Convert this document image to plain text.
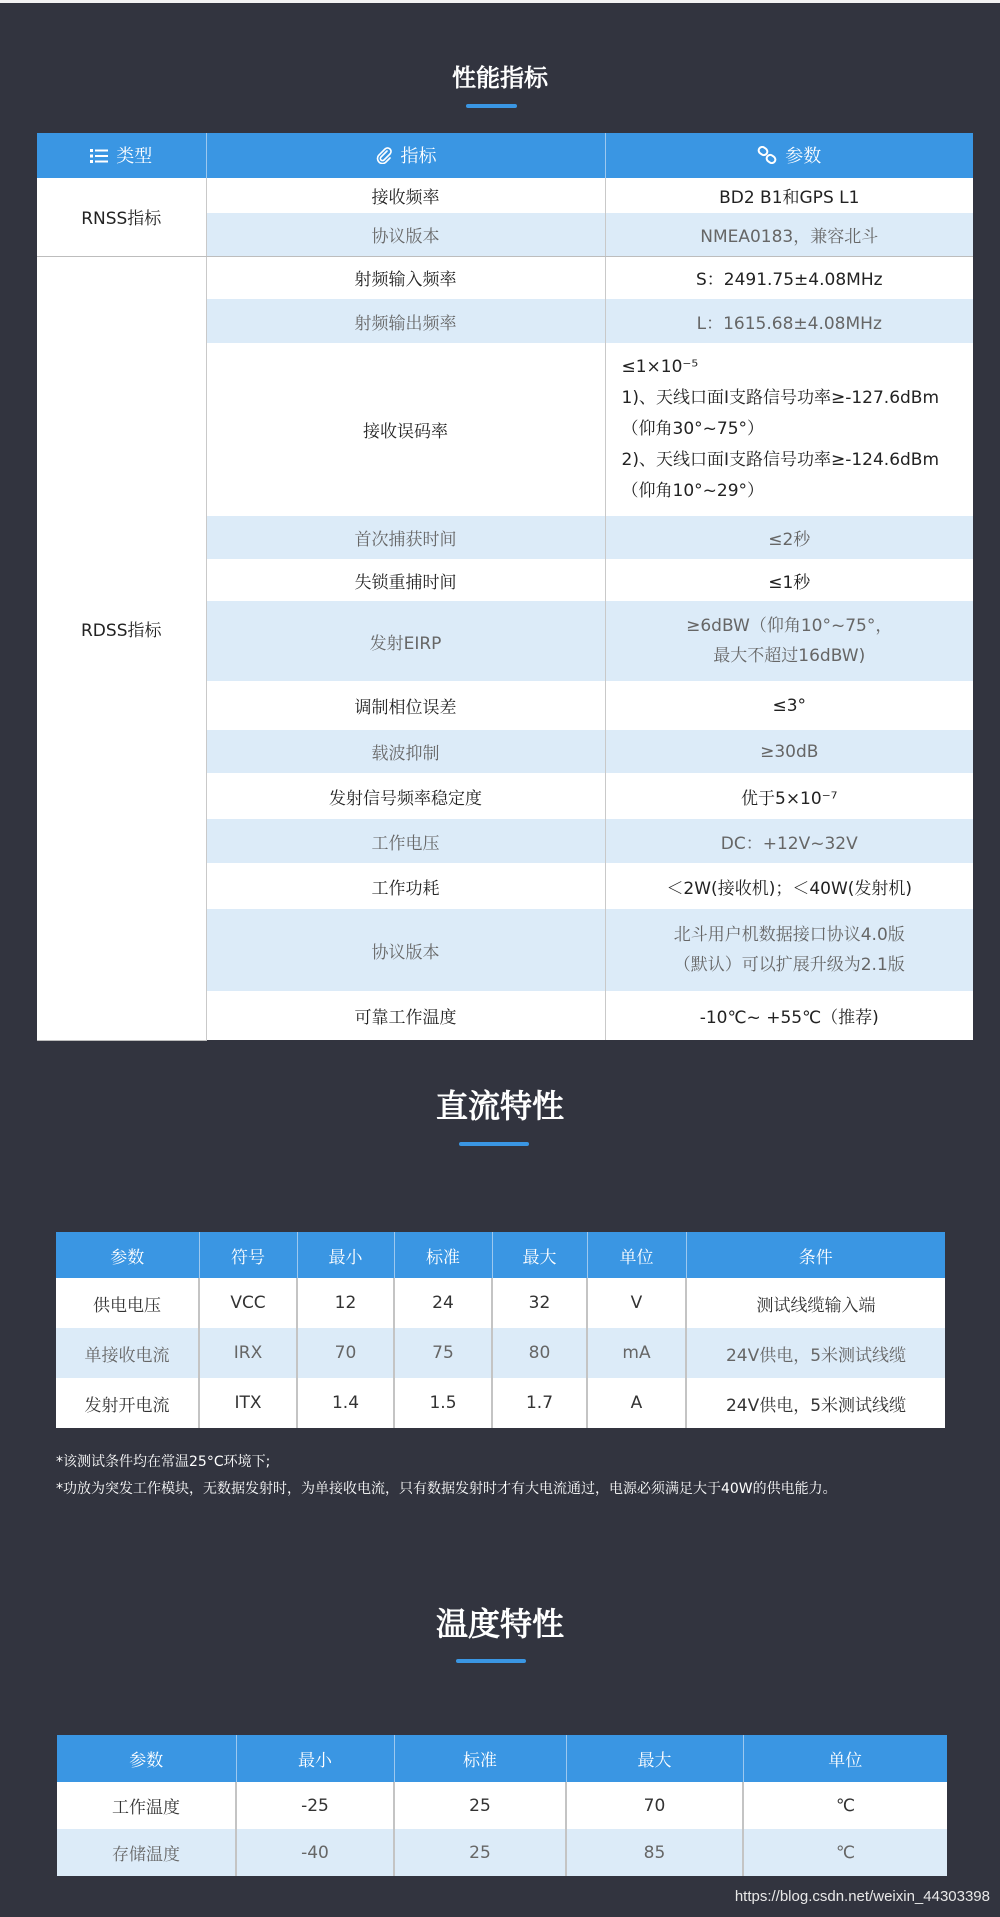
性能指标
类型	指标	参数
RNSS指标	接收频率	BD2 B1和GPS L1
	协议版本	NMEA0183，兼容北斗
RDSS指标	射频输入频率	S：2491.75±4.08MHz
	射频输出频率	L：1615.68±4.08MHz
	接收误码率	≤1×10⁻⁵
1)、天线口面I支路信号功率≥-127.6dBm
（仰角30°~75°）
2)、天线口面I支路信号功率≥-124.6dBm
（仰角10°~29°）

	首次捕获时间	≤2秒
	失锁重捕时间	≤1秒
	发射EIRP	≥6dBW（仰角10°~75°，
最大不超过16dBW)

	调制相位误差	≤3°
	载波抑制	≥30dB
	发射信号频率稳定度	优于5×10⁻⁷
	工作电压	DC：+12V~32V
	工作功耗	＜2W(接收机)；＜40W(发射机)
	协议版本	北斗用户机数据接口协议4.0版
（默认）可以扩展升级为2.1版

	可靠工作温度	-10℃~ +55℃（推荐)
直流特性
参数	符号	最小	标准	最大	单位	条件
供电电压	VCC	12	24	32	V	测试线缆输入端
单接收电流	IRX	70	75	80	mA	24V供电，5米测试线缆
发射开电流	ITX	1.4	1.5	1.7	A	24V供电，5米测试线缆
*该测试条件均在常温25°C环境下;
*功放为突发工作模块，无数据发射时，为单接收电流，只有数据发射时才有大电流通过，电源必须满足大于40W的供电能力。
温度特性
参数	最小	标准	最大	单位
工作温度	-25	25	70	℃
存储温度	-40	25	85	℃
https://blog.csdn.net/weixin_44303398
